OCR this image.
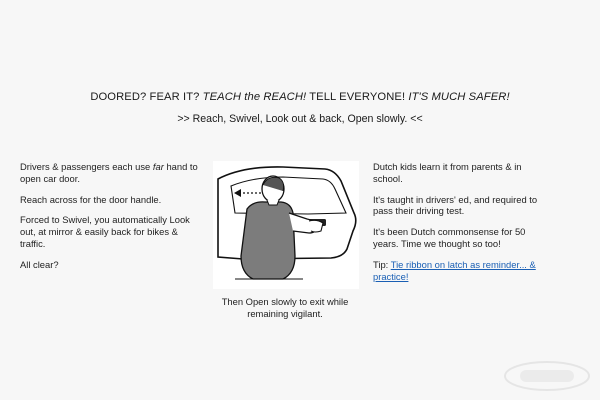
DOORED? FEAR IT? TEACH the REACH! TELL EVERYONE! IT'S MUCH SAFER!
>> Reach, Swivel, Look out & back, Open slowly. <<

Drivers & passengers each use far hand to open car door.

Reach across for the door handle.

Forced to Swivel, you automatically Look out, at mirror & easily back for bikes & traffic.

All clear?

Then Open slowly to exit while remaining vigilant.

Dutch kids learn it from parents & in school.

It's taught in drivers' ed, and required to pass their driving test.

It's been Dutch commonsense for 50 years. Time we thought so too!

Tip: Tie ribbon on latch as reminder... & practice!
